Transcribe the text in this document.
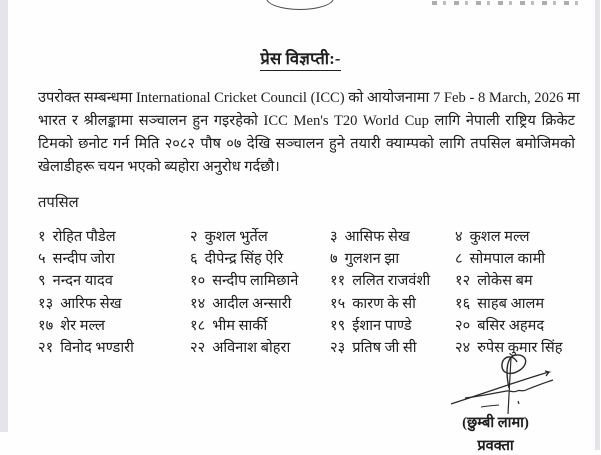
प्रेस विज्ञप्ती:-
उपरोक्त सम्बन्धमा International Cricket Council (ICC) को आयोजनामा 7 Feb - 8 March, 2026 मा
भारत र श्रीलङ्कामा सञ्चालन हुन गइरहेको ICC Men's T20 World Cup लागि नेपाली राष्ट्रिय क्रिकेट
टिमको छनोट गर्न मिति २०८२ पौष ०७ देखि सञ्चालन हुने तयारी क्याम्पको लागि तपसिल बमोजिमको
खेलाडीहरू चयन भएको ब्यहोरा अनुरोध गर्दछौ।
तपसिल
१ रोहित पौडेल	२ कुशल भुर्तेल	३ आसिफ सेख	४ कुशल मल्ल
५ सन्दीप जोरा	६ दीपेन्द्र सिंह ऐरि	७ गुलशन झा	८ सोमपाल कामी
९ नन्दन यादव	१० सन्दीप लामिछाने	११ ललित राजवंशी	१२ लोकेस बम
१३ आरिफ सेख	१४ आदील अन्सारी	१५ कारण के सी	१६ साहब आलम
१७ शेर मल्ल	१८ भीम सार्की	१९ ईशान पाण्डे	२० बसिर अहमद
२१ विनोद भण्डारी	२२ अविनाश बोहरा	२३ प्रतिष जी सी	२४ रुपेस कुमार सिंह
(छुम्बी लामा)
प्रवक्ता
